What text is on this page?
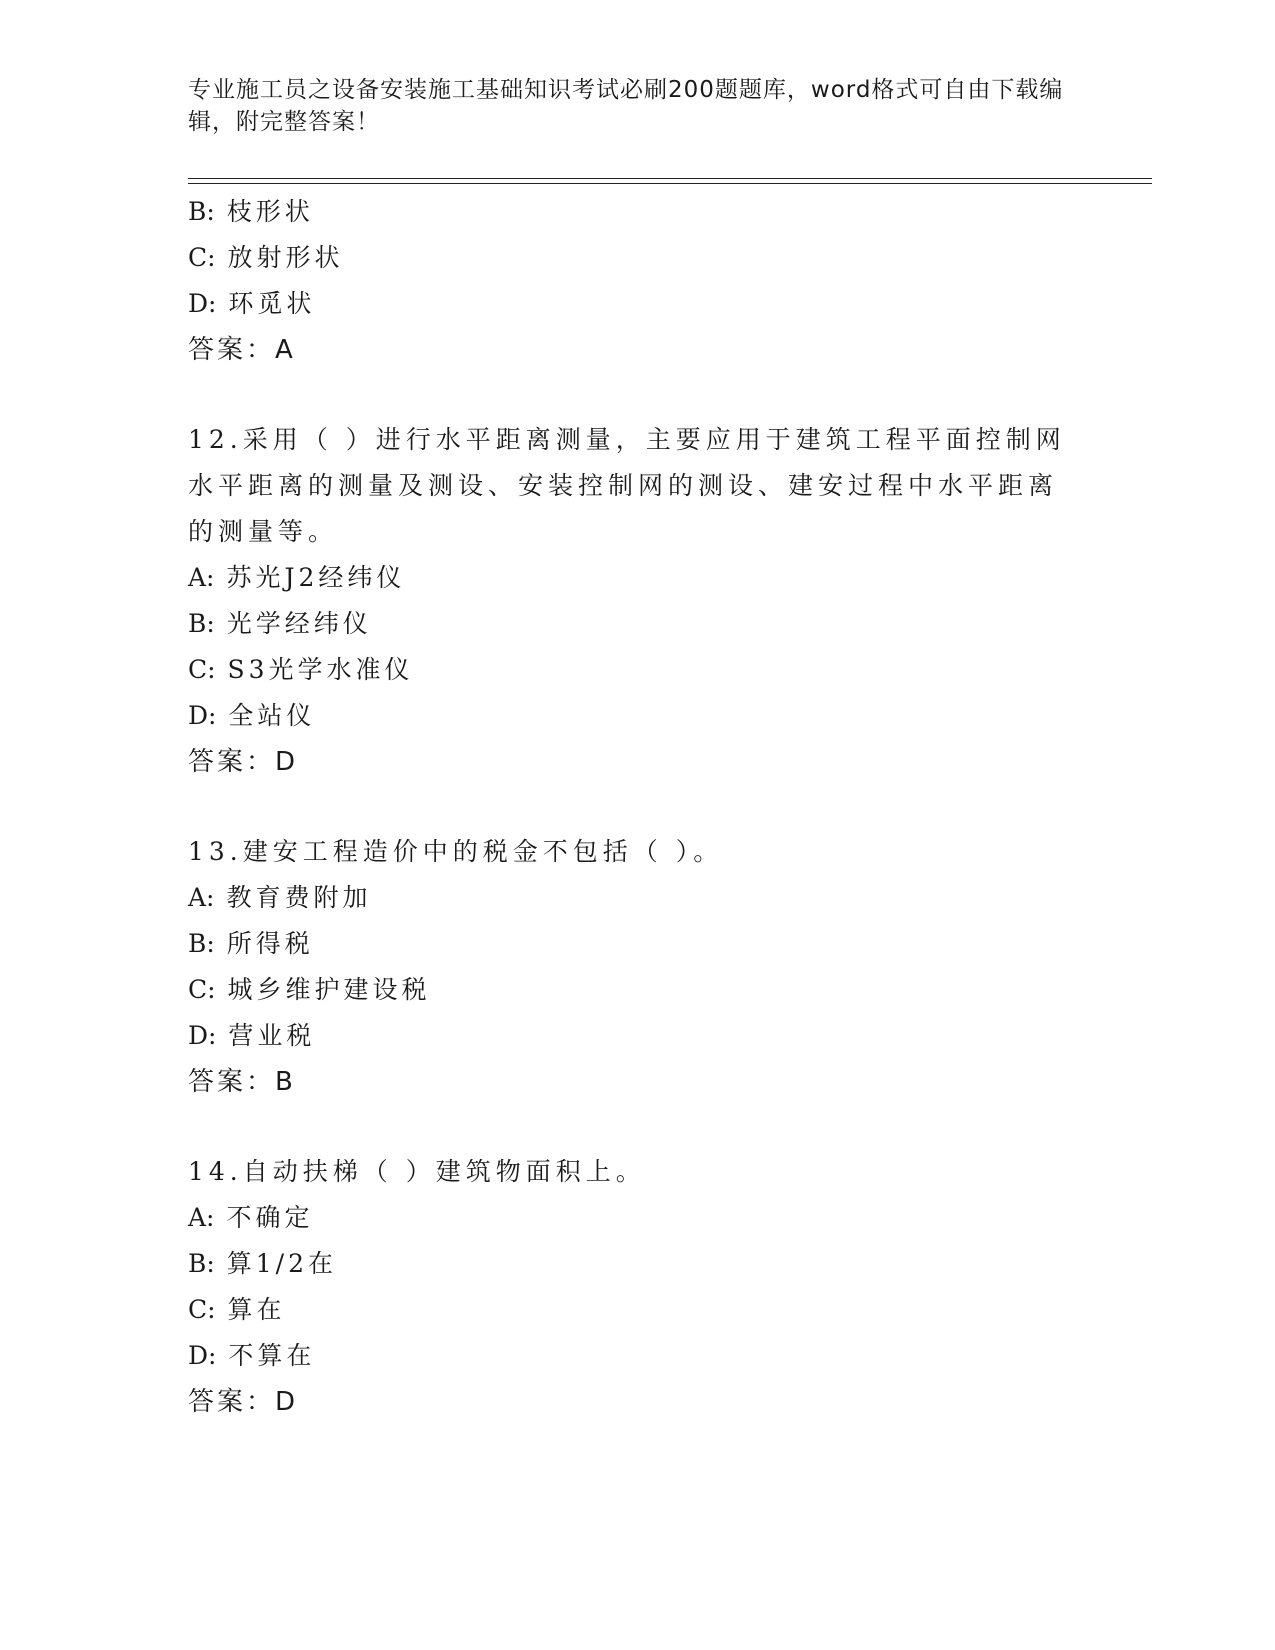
专业施工员之设备安装施工基础知识考试必刷200题题库，word格式可自由下载编辑，附完整答案！
B: 枝形状
C: 放射形状
D: 环觅状
答案：A
12.采用（ ）进行水平距离测量，主要应用于建筑工程平面控制网水平距离的测量及测设、安装控制网的测设、建安过程中水平距离的测量等。
A: 苏光J2经纬仪
B: 光学经纬仪
C: S3光学水准仪
D: 全站仪
答案：D
13.建安工程造价中的税金不包括（ ）。
A: 教育费附加
B: 所得税
C: 城乡维护建设税
D: 营业税
答案：B
14.自动扶梯（ ）建筑物面积上。
A: 不确定
B: 算1/2在
C: 算在
D: 不算在
答案：D
